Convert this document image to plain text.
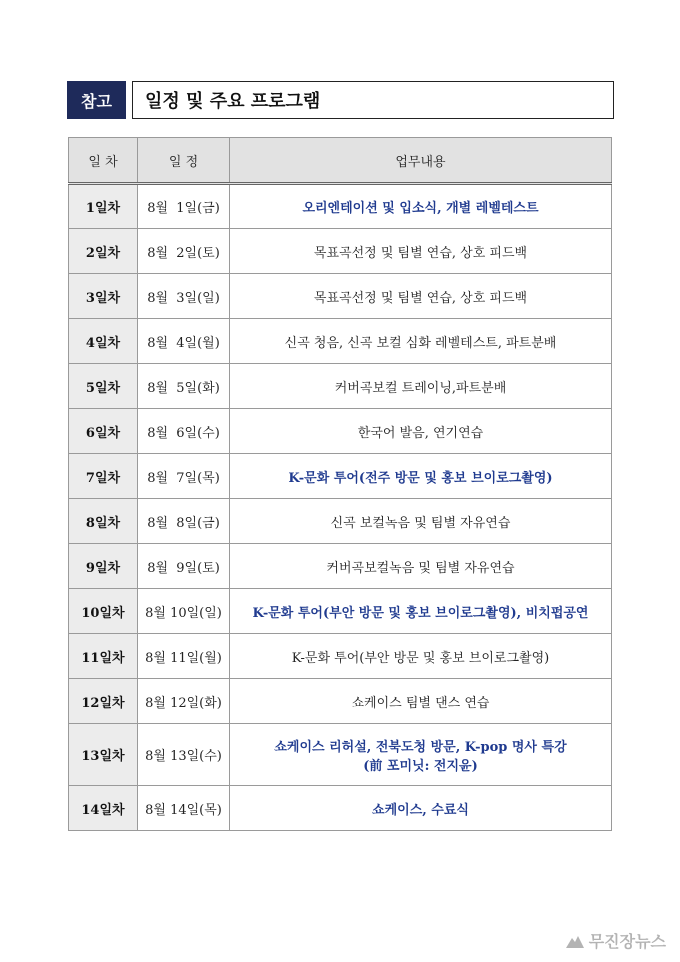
참고	일정 및 주요 프로그램
일 차	일 정	업무내용
1일차	8월  1일(금)	오리엔테이션 및 입소식, 개별 레벨테스트

2일차	8월  2일(토)	목표곡선정 및 팀별 연습, 상호 피드백

3일차	8월  3일(일)	목표곡선정 및 팀별 연습, 상호 피드백

4일차	8월  4일(월)	신곡 청음, 신곡 보컬 심화 레벨테스트, 파트분배

5일차	8월  5일(화)	커버곡보컬 트레이닝,파트분배

6일차	8월  6일(수)	한국어 발음, 연기연습

7일차	8월  7일(목)	K-문화 투어(전주 방문 및 홍보 브이로그촬영)

8일차	8월  8일(금)	신곡 보컬녹음 및 팀별 자유연습

9일차	8월  9일(토)	커버곡보컬녹음 및 팀별 자유연습

10일차	8월 10일(일)	K-문화 투어(부안 방문 및 홍보 브이로그촬영), 비치펍공연

11일차	8월 11일(월)	K-문화 투어(부안 방문 및 홍보 브이로그촬영)

12일차	8월 12일(화)	쇼케이스 팀별 댄스 연습

13일차	8월 13일(수)	쇼케이스 리허설, 전북도청 방문, K-pop 명사 특강
(前 포미닛: 전지윤)

14일차	8월 14일(목)	쇼케이스, 수료식
무진장뉴스
